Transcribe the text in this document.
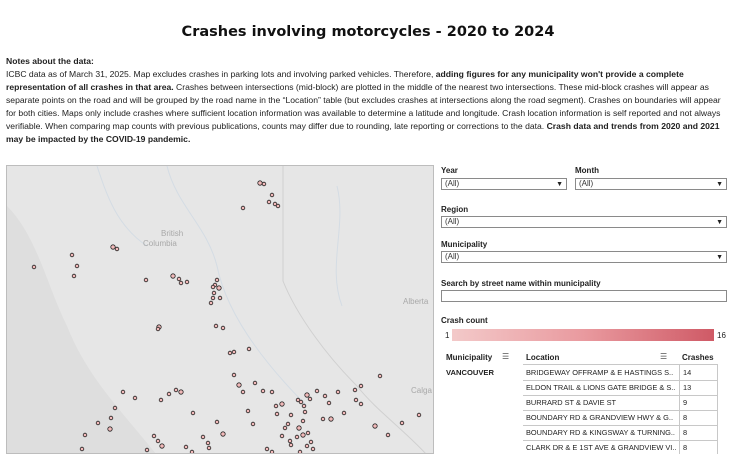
Crashes involving motorcycles - 2020 to 2024
Notes about the data:
ICBC data as of March 31, 2025. Map excludes crashes in parking lots and involving parked vehicles. Therefore, adding figures for any municipality won't provide a complete representation of all crashes in that area. Crashes between intersections (mid-block) are plotted in the middle of the nearest two intersections. These mid-block crashes will appear as separate points on the road and will be grouped by the road name in the “Location” table (but excludes crashes at intersections along the road segment). Crashes on boundaries will appear for both cities. Maps only include crashes where sufficient location information was available to determine a latitude and longitude. Crash location information is self reported and not always verifiable. When comparing map counts with previous publications, counts may differ due to rounding, late reporting or corrections to the data. Crash data and trends from 2020 and 2021 may be impacted by the COVID-19 pandemic.
British
Columbia
Alberta
Calga
Year
(All)	▼
Month
(All)	▼
Region
(All)	▼
Municipality
(All)	▼
Search by street name within municipality
Crash count
1	16
Municipality ☰ Location	☰ Crashes
VANCOUVER	BRIDGEWAY OFFRAMP & E HASTINGS S..	14
ELDON TRAIL & LIONS GATE BRIDGE & S.. 13
BURRARD ST & DAVIE ST	9
BOUNDARY RD & GRANDVIEW HWY & G..	8
BOUNDARY RD & KINGSWAY & TURNING.. 8
CLARK DR & E 1ST AVE & GRANDVIEW VI.. 8
